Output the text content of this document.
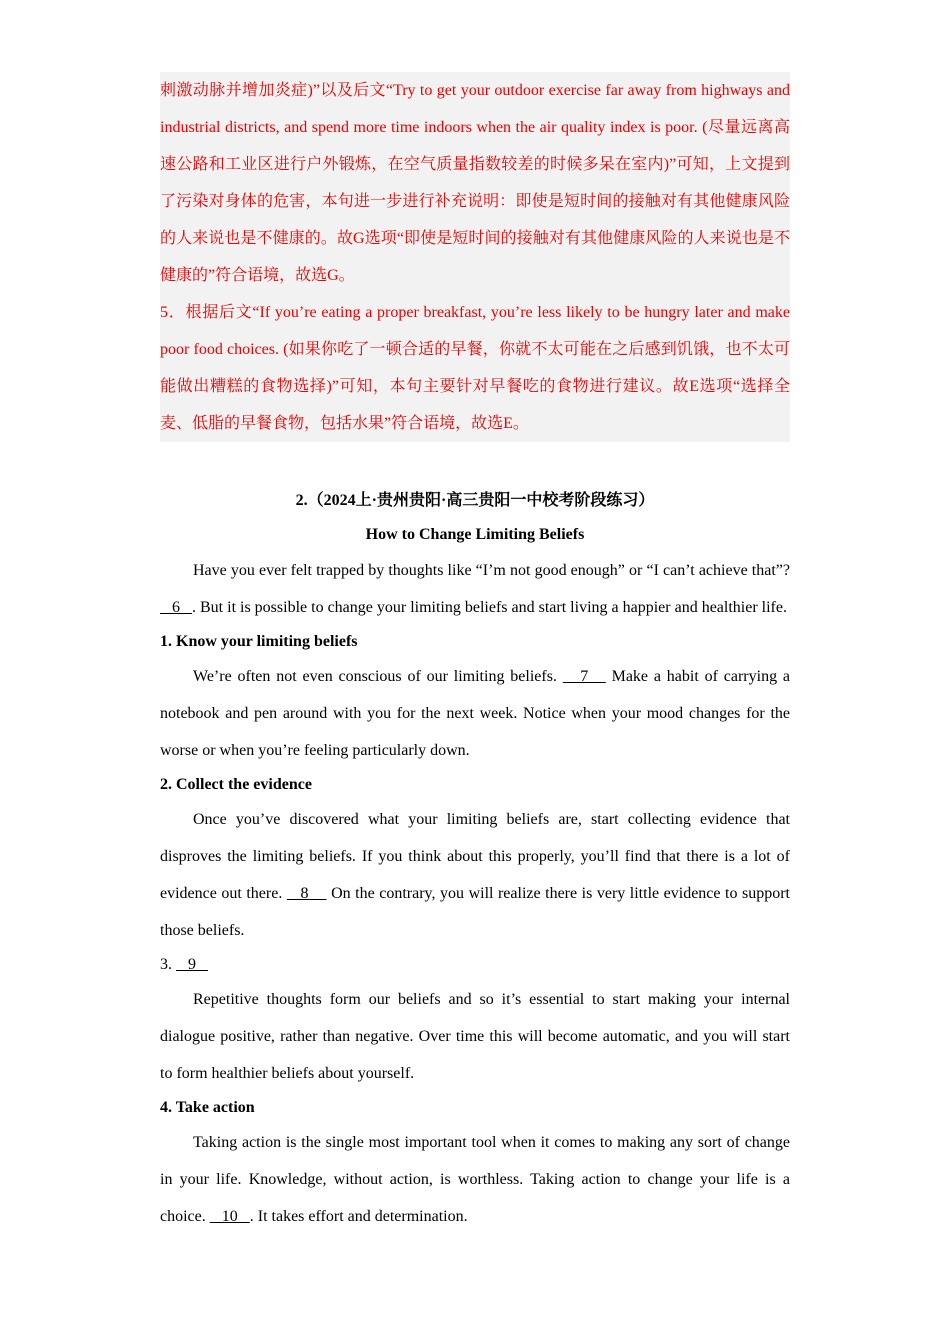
刺激动脉并增加炎症)”以及后文“Try to get your outdoor exercise far away from highways and industrial districts, and spend more time indoors when the air quality index is poor. (尽量远离高速公路和工业区进行户外锻炼，在空气质量指数较差的时候多呆在室内)”可知，上文提到了污染对身体的危害，本句进一步进行补充说明：即使是短时间的接触对有其他健康风险的人来说也是不健康的。故G选项“即使是短时间的接触对有其他健康风险的人来说也是不健康的”符合语境，故选G。

5．根据后文“If you’re eating a proper breakfast, you’re less likely to be hungry later and make poor food choices. (如果你吃了一顿合适的早餐，你就不太可能在之后感到饥饿，也不太可能做出糟糕的食物选择)”可知，本句主要针对早餐吃的食物进行建议。故E选项“选择全麦、低脂的早餐食物，包括水果”符合语境，故选E。

2.（2024上·贵州贵阳·高三贵阳一中校考阶段练习）
How to Change Limiting Beliefs

Have you ever felt trapped by thoughts like “I’m not good enough” or “I can’t achieve that”?    6   . But it is possible to change your limiting beliefs and start living a happier and healthier life.

1. Know your limiting beliefs

We’re often not even conscious of our limiting beliefs.    7    Make a habit of carrying a notebook and pen around with you for the next week. Notice when your mood changes for the worse or when you’re feeling particularly down.

2. Collect the evidence

Once you’ve discovered what your limiting beliefs are, start collecting evidence that disproves the limiting beliefs. If you think about this properly, you’ll find that there is a lot of evidence out there.    8     On the contrary, you will realize there is very little evidence to support those beliefs.

3.    9

Repetitive thoughts form our beliefs and so it’s essential to start making your internal dialogue positive, rather than negative. Over time this will become automatic, and you will start to form healthier beliefs about yourself.

4. Take action

Taking action is the single most important tool when it comes to making any sort of change in your life. Knowledge, without action, is worthless. Taking action to change your life is a choice.    10   . It takes effort and determination.
